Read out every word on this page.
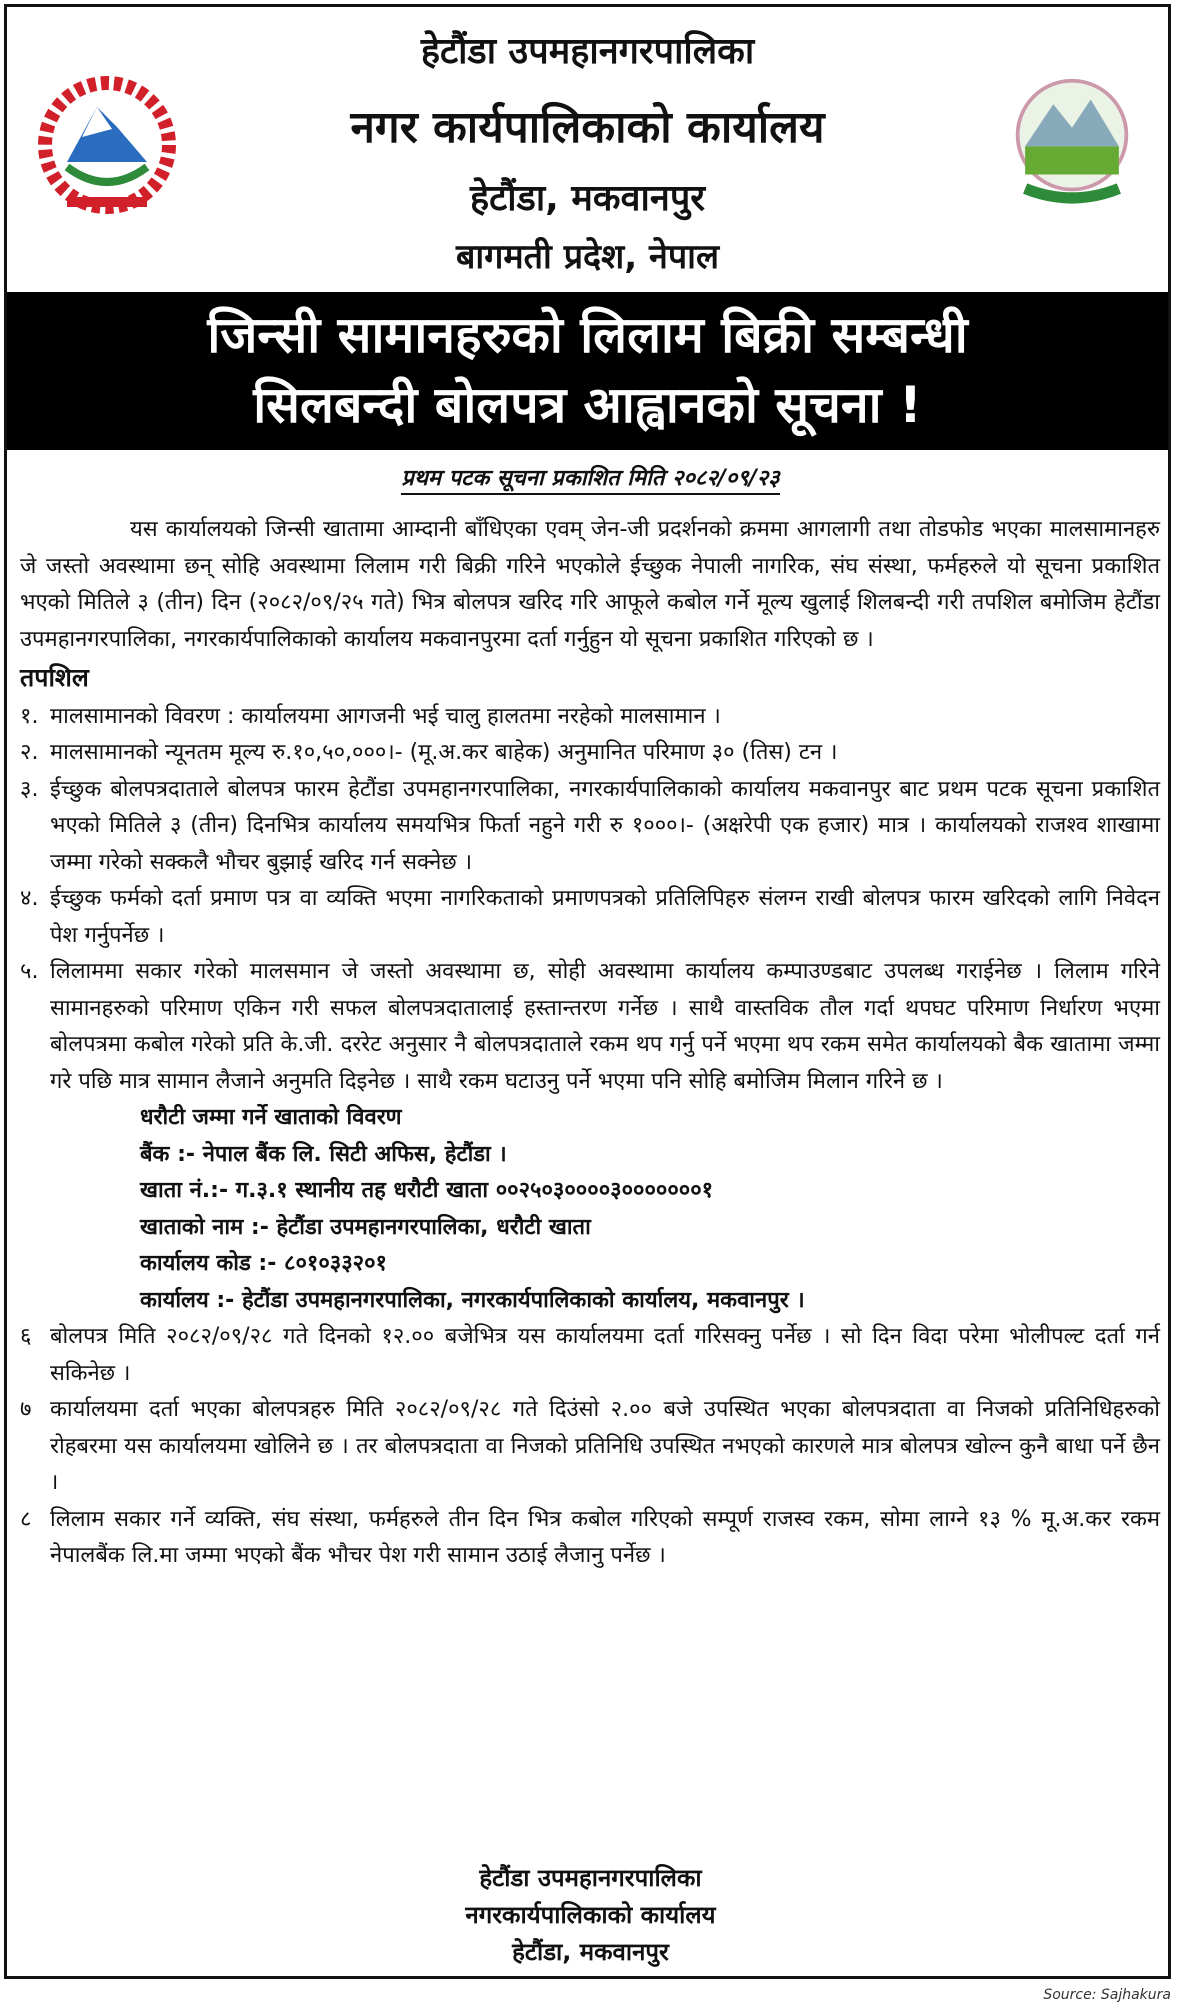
हेटौंडा उपमहानगरपालिका
नगर कार्यपालिकाको कार्यालय
हेटौंडा, मकवानपुर
बागमती प्रदेश, नेपाल
जिन्सी सामानहरुको लिलाम बिक्री सम्बन्धी
सिलबन्दी बोलपत्र आह्वानको सूचना !
प्रथम पटक सूचना प्रकाशित मिति २०८२/०९/२३

यस कार्यालयको जिन्सी खातामा आम्दानी बाँधिएका एवम् जेन-जी प्रदर्शनको क्रममा आगलागी तथा तोडफोड भएका मालसामानहरु जे जस्तो अवस्थामा छन् सोहि अवस्थामा लिलाम गरी बिक्री गरिने भएकोले ईच्छुक नेपाली नागरिक, संघ संस्था, फर्महरुले यो सूचना प्रकाशित भएको मितिले ३ (तीन) दिन (२०८२/०९/२५ गते) भित्र बोलपत्र खरिद गरि आफूले कबोल गर्ने मूल्य खुलाई शिलबन्दी गरी तपशिल बमोजिम हेटौंडा उपमहानगरपालिका, नगरकार्यपालिकाको कार्यालय मकवानपुरमा दर्ता गर्नुहुन यो सूचना प्रकाशित गरिएको छ ।

तपशिल
१. मालसामानको विवरण : कार्यालयमा आगजनी भई चालु हालतमा नरहेको मालसामान ।
२. मालसामानको न्यूनतम मूल्य रु.१०,५०,०००।- (मू.अ.कर बाहेक) अनुमानित परिमाण ३० (तिस) टन ।
३. ईच्छुक बोलपत्रदाताले बोलपत्र फारम हेटौंडा उपमहानगरपालिका, नगरकार्यपालिकाको कार्यालय मकवानपुर बाट प्रथम पटक सूचना प्रकाशित भएको मितिले ३ (तीन) दिनभित्र कार्यालय समयभित्र फिर्ता नहुने गरी रु १०००।- (अक्षरेपी एक हजार) मात्र । कार्यालयको राजश्व शाखामा जम्मा गरेको सक्कलै भौचर बुझाई खरिद गर्न सक्नेछ ।
४. ईच्छुक फर्मको दर्ता प्रमाण पत्र वा व्यक्ति भएमा नागरिकताको प्रमाणपत्रको प्रतिलिपिहरु संलग्न राखी बोलपत्र फारम खरिदको लागि निवेदन पेश गर्नुपर्नेछ ।
५. लिलाममा सकार गरेको मालसमान जे जस्तो अवस्थामा छ, सोही अवस्थामा कार्यालय कम्पाउण्डबाट उपलब्ध गराईनेछ । लिलाम गरिने सामानहरुको परिमाण एकिन गरी सफल बोलपत्रदातालाई हस्तान्तरण गर्नेछ । साथै वास्तविक तौल गर्दा थपघट परिमाण निर्धारण भएमा बोलपत्रमा कबोल गरेको प्रति के.जी. दररेट अनुसार नै बोलपत्रदाताले रकम थप गर्नु पर्ने भएमा थप रकम समेत कार्यालयको बैक खातामा जम्मा गरे पछि मात्र सामान लैजाने अनुमति दिइनेछ । साथै रकम घटाउनु पर्ने भएमा पनि सोहि बमोजिम मिलान गरिने छ ।
धरौटी जम्मा गर्ने खाताको विवरण
बैंक :- नेपाल बैंक लि. सिटी अफिस, हेटौंडा ।
खाता नं.:- ग.३.१ स्थानीय तह धरौटी खाता ००२५०३००००३०००००००१
खाताको नाम :- हेटौंडा उपमहानगरपालिका, धरौटी खाता
कार्यालय कोड :- ८०१०३३२०१
कार्यालय :- हेटौंडा उपमहानगरपालिका, नगरकार्यपालिकाको कार्यालय, मकवानपुर ।
६ बोलपत्र मिति २०८२/०९/२८ गते दिनको १२.०० बजेभित्र यस कार्यालयमा दर्ता गरिसक्नु पर्नेछ । सो दिन विदा परेमा भोलीपल्ट दर्ता गर्न सकिनेछ ।
७ कार्यालयमा दर्ता भएका बोलपत्रहरु मिति २०८२/०९/२८ गते दिउंसो २.०० बजे उपस्थित भएका बोलपत्रदाता वा निजको प्रतिनिधिहरुको रोहबरमा यस कार्यालयमा खोलिने छ । तर बोलपत्रदाता वा निजको प्रतिनिधि उपस्थित नभएको कारणले मात्र बोलपत्र खोल्न कुनै बाधा पर्ने छैन ।
८ लिलाम सकार गर्ने व्यक्ति, संघ संस्था, फर्महरुले तीन दिन भित्र कबोल गरिएको सम्पूर्ण राजस्व रकम, सोमा लाग्ने १३ % मू.अ.कर रकम नेपालबैंक लि.मा जम्मा भएको बैंक भौचर पेश गरी सामान उठाई लैजानु पर्नेछ ।
हेटौंडा उपमहानगरपालिका
नगरकार्यपालिकाको कार्यालय
हेटौंडा, मकवानपुर
Source: Sajhakura
